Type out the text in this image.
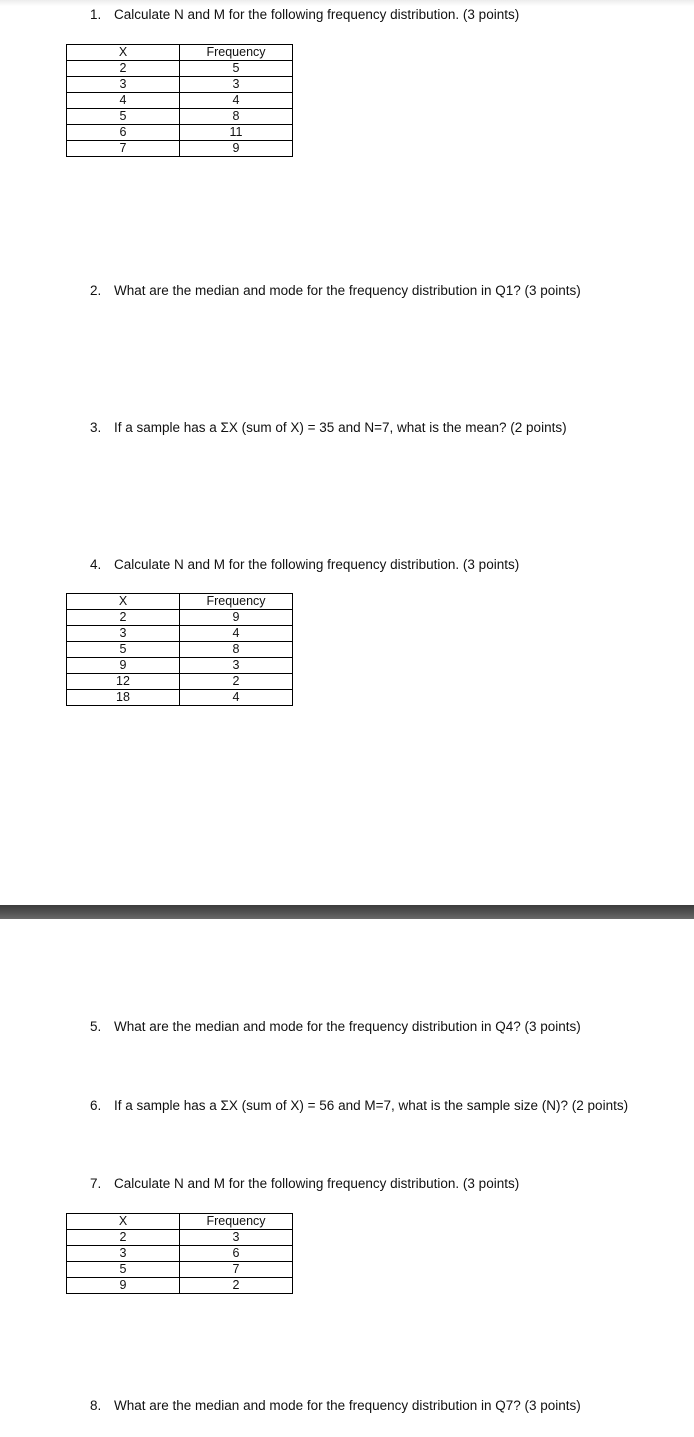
1. Calculate N and M for the following frequency distribution. (3 points)
X	Frequency
2	5
3	3
4	4
5	8
6	11
7	9
2. What are the median and mode for the frequency distribution in Q1? (3 points)
3. If a sample has a ΣX (sum of X) = 35 and N=7, what is the mean? (2 points)
4. Calculate N and M for the following frequency distribution. (3 points)
X	Frequency
2	9
3	4
5	8
9	3
12	2
18	4
5. What are the median and mode for the frequency distribution in Q4? (3 points)
6. If a sample has a ΣX (sum of X) = 56 and M=7, what is the sample size (N)? (2 points)
7. Calculate N and M for the following frequency distribution. (3 points)
X	Frequency
2	3
3	6
5	7
9	2
8. What are the median and mode for the frequency distribution in Q7? (3 points)
